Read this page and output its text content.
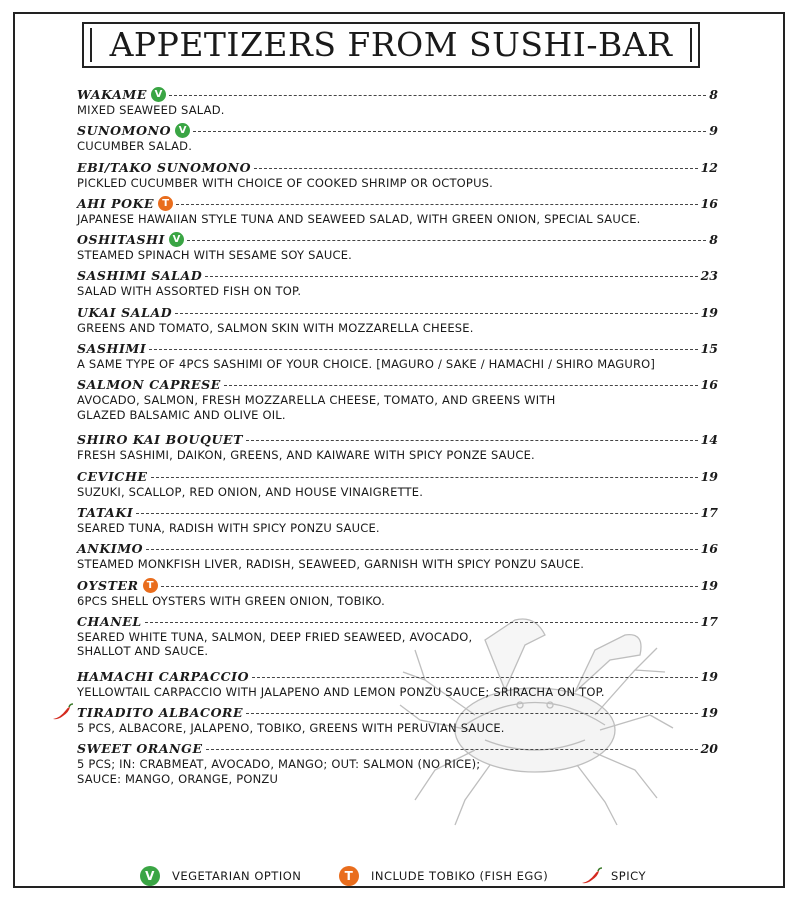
APPETIZERS FROM SUSHI-BAR
WAKAME V	8
MIXED SEAWEED SALAD.
SUNOMONO V	9
CUCUMBER SALAD.
EBI/TAKO SUNOMONO	12
PICKLED CUCUMBER WITH CHOICE OF COOKED SHRIMP OR OCTOPUS.
AHI POKE T	16
JAPANESE HAWAIIAN STYLE TUNA AND SEAWEED SALAD, WITH GREEN ONION, SPECIAL SAUCE.
OSHITASHI V	8
STEAMED SPINACH WITH SESAME SOY SAUCE.
SASHIMI SALAD	23
SALAD WITH ASSORTED FISH ON TOP.
UKAI SALAD	19
GREENS AND TOMATO, SALMON SKIN WITH MOZZARELLA CHEESE.
SASHIMI	15
A SAME TYPE OF 4PCS SASHIMI OF YOUR CHOICE. [MAGURO / SAKE / HAMACHI / SHIRO MAGURO]
SALMON CAPRESE	16
AVOCADO, SALMON, FRESH MOZZARELLA CHEESE, TOMATO, AND GREENS WITH
GLAZED BALSAMIC AND OLIVE OIL.
SHIRO KAI BOUQUET	14
FRESH SASHIMI, DAIKON, GREENS, AND KAIWARE WITH SPICY PONZE SAUCE.
CEVICHE	19
SUZUKI, SCALLOP, RED ONION, AND HOUSE VINAIGRETTE.
TATAKI	17
SEARED TUNA, RADISH WITH SPICY PONZU SAUCE.
ANKIMO	16
STEAMED MONKFISH LIVER, RADISH, SEAWEED, GARNISH WITH SPICY PONZU SAUCE.
OYSTER T	19
6PCS SHELL OYSTERS WITH GREEN ONION, TOBIKO.
CHANEL	17
SEARED WHITE TUNA, SALMON, DEEP FRIED SEAWEED, AVOCADO,
SHALLOT AND SAUCE.
HAMACHI CARPACCIO	19
YELLOWTAIL CARPACCIO WITH JALAPENO AND LEMON PONZU SAUCE; SRIRACHA ON TOP.
TIRADITO ALBACORE	19
5 PCS, ALBACORE, JALAPENO, TOBIKO, GREENS WITH PERUVIAN SAUCE.
SWEET ORANGE	20
5 PCS; IN: CRABMEAT, AVOCADO, MANGO; OUT: SALMON (NO RICE);
SAUCE: MANGO, ORANGE, PONZU
V	VEGETARIAN OPTION	T	INCLUDE TOBIKO (FISH EGG)	SPICY
